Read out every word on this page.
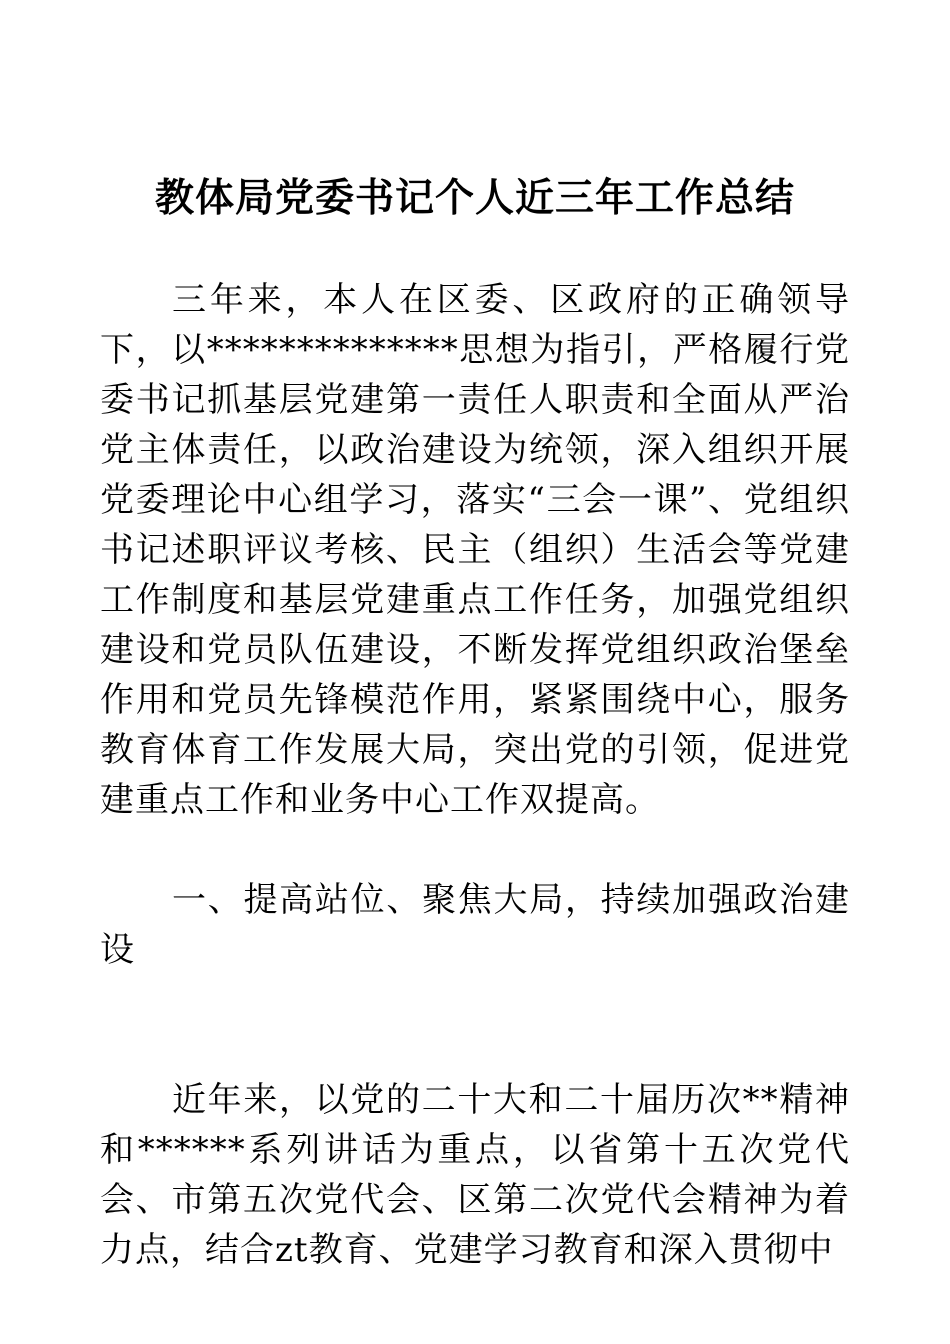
教体局党委书记个人近三年工作总结

三年来，本人在区委、区政府的正确领导下，以**************思想为指引，严格履行党委书记抓基层党建第一责任人职责和全面从严治党主体责任，以政治建设为统领，深入组织开展党委理论中心组学习，落实“三会一课”、党组织书记述职评议考核、民主（组织）生活会等党建工作制度和基层党建重点工作任务，加强党组织建设和党员队伍建设，不断发挥党组织政治堡垒作用和党员先锋模范作用，紧紧围绕中心，服务教育体育工作发展大局，突出党的引领，促进党建重点工作和业务中心工作双提高。

一、提高站位、聚焦大局，持续加强政治建设

近年来，以党的二十大和二十届历次**精神和******系列讲话为重点，以省第十五次党代会、市第五次党代会、区第二次党代会精神为着力点，结合zt教育、党建学习教育和深入贯彻中
